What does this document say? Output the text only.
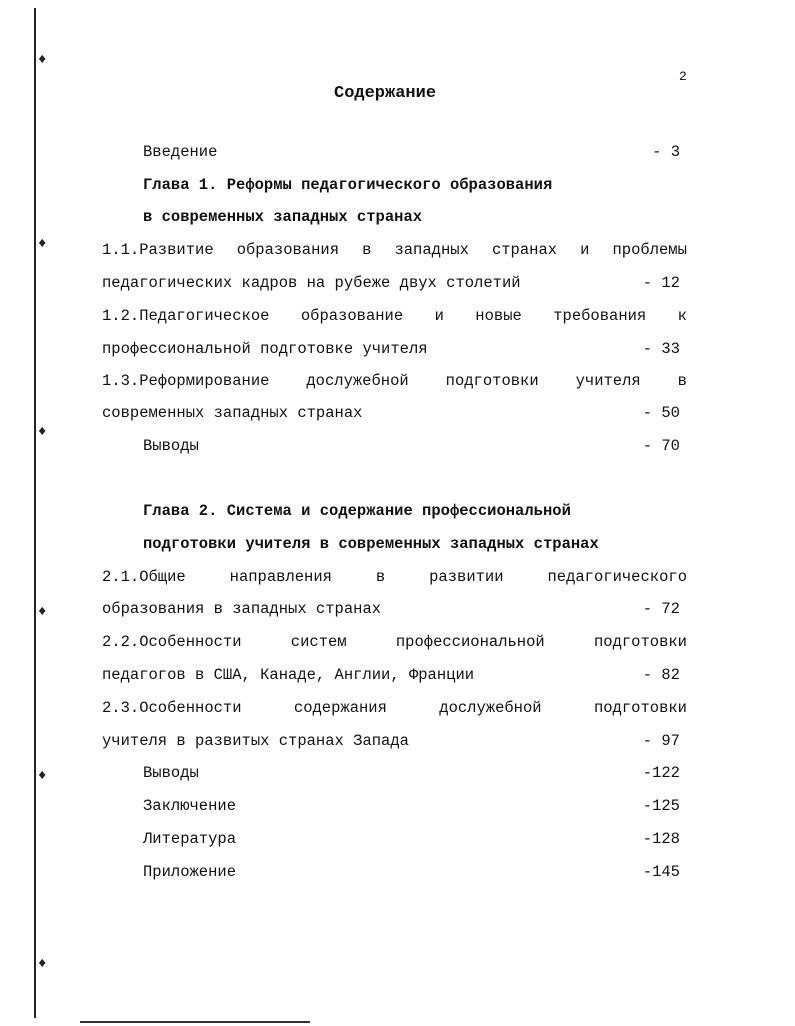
♦
♦
♦
♦
♦
♦
2
Содержание
Введение	- 3
Глава 1. Реформы педагогического образования
в современных западных странах
1.1.Развитие образования в западных странах и проблемы
педагогических кадров на рубеже двух столетий	- 12
1.2.Педагогическое образование и новые требования к
профессиональной подготовке учителя	- 33
1.3.Реформирование дослужебной подготовки учителя в
современных западных странах	- 50
Выводы	- 70
Глава 2. Система и содержание профессиональной
подготовки учителя в современных западных странах
2.1.Общие	направления	в	развитии	педагогического
образования в западных странах	- 72
2.2.Особенности	систем	профессиональной	подготовки
педагогов в США, Канаде, Англии, Франции	- 82
2.3.Особенности	содержания	дослужебной	подготовки
учителя в развитых странах Запада	- 97
Выводы	-122
Заключение	-125
Литература	-128
Приложение	-145
